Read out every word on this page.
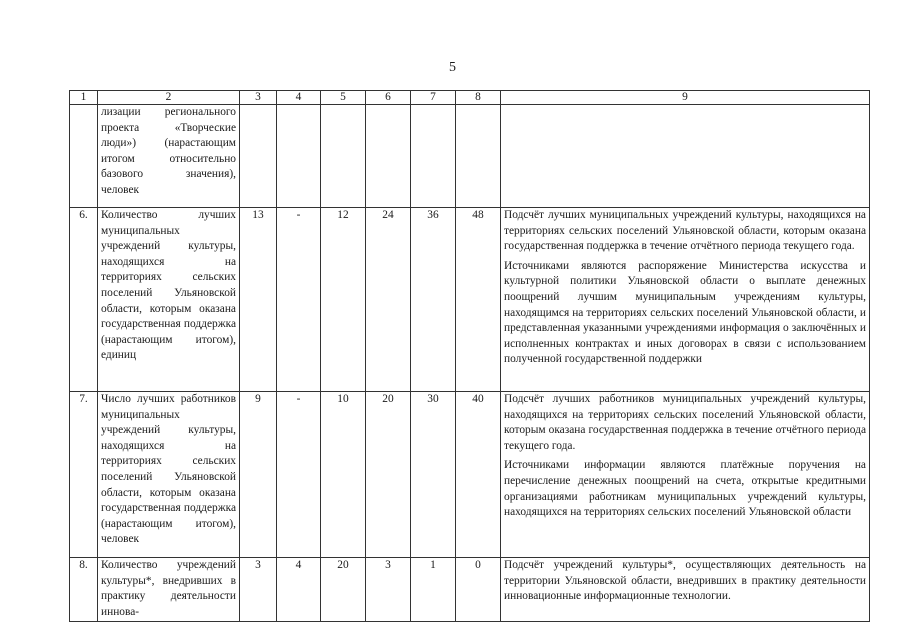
5
1	2	3	4	5	6	7	8	9
	лизации регионального проекта «Творческие люди») (нарастающим итогом относительно базового значения), человек							
6.	Количество лучших муниципальных учреждений культуры, находящихся на территориях сельских поселений Ульяновской области, которым оказана государственная поддержка (нарастающим итогом), единиц	13	-	12	24	36	48	Подсчёт лучших муниципальных учреждений культуры, находящихся на территориях сельских поселений Ульяновской области, которым оказана государственная поддержка в течение отчётного периода текущего года.

Источниками являются распоряжение Министерства искусства и культурной политики Ульяновской области о выплате денежных поощрений лучшим муниципальным учреждениям культуры, находящимся на территориях сельских поселений Ульяновской области, и представленная указанными учреждениями информация о заключённых и исполненных контрактах и иных договорах в связи с использованием полученной государственной поддержки

7.	Число лучших работников муниципальных учреждений культуры, находящихся на территориях сельских поселений Ульяновской области, которым оказана государственная поддержка (нарастающим итогом), человек	9	-	10	20	30	40	Подсчёт лучших работников муниципальных учреждений культуры, находящихся на территориях сельских поселений Ульяновской области, которым оказана государственная поддержка в течение отчётного периода текущего года.

Источниками информации являются платёжные поручения на перечисление денежных поощрений на счета, открытые кредитными организациями работникам муниципальных учреждений культуры, находящихся на территориях сельских поселений Ульяновской области

8.	Количество учреждений культуры*, внедривших в практику деятельности иннова-	3	4	20	3	1	0	Подсчёт учреждений культуры*, осуществляющих деятельность на территории Ульяновской области, внедривших в практику деятельности инновационные информационные технологии.
